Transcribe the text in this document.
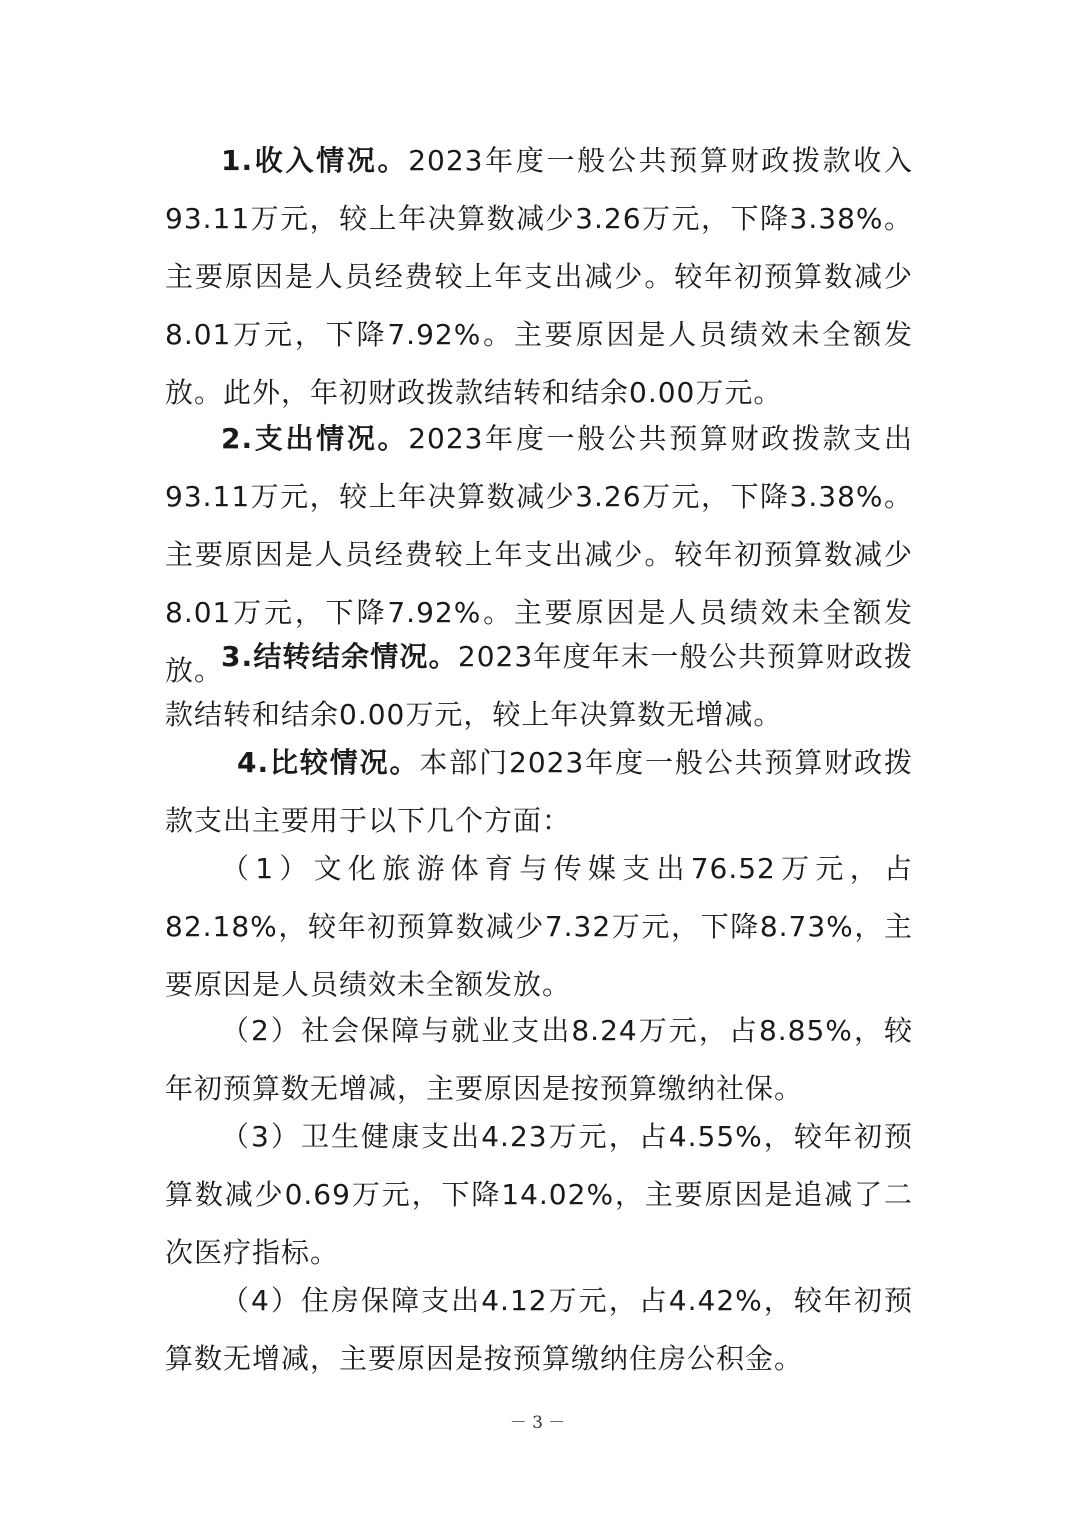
1.收入情况。2023年度一般公共预算财政拨款收入93.11万元，较上年决算数减少3.26万元，下降3.38%。主要原因是人员经费较上年支出减少。较年初预算数减少8.01万元，下降7.92%。主要原因是人员绩效未全额发放。此外，年初财政拨款结转和结余0.00万元。

2.支出情况。2023年度一般公共预算财政拨款支出93.11万元，较上年决算数减少3.26万元，下降3.38%。主要原因是人员经费较上年支出减少。较年初预算数减少8.01万元，下降7.92%。主要原因是人员绩效未全额发放。

3.结转结余情况。2023年度年末一般公共预算财政拨款结转和结余0.00万元，较上年决算数无增减。

4.比较情况。本部门2023年度一般公共预算财政拨款支出主要用于以下几个方面：

（1）文化旅游体育与传媒支出76.52万元，占82.18%，较年初预算数减少7.32万元，下降8.73%，主要原因是人员绩效未全额发放。

（2）社会保障与就业支出8.24万元，占8.85%，较年初预算数无增减，主要原因是按预算缴纳社保。

（3）卫生健康支出4.23万元，占4.55%，较年初预算数减少0.69万元，下降14.02%，主要原因是追减了二次医疗指标。

（4）住房保障支出4.12万元，占4.42%，较年初预算数无增减，主要原因是按预算缴纳住房公积金。

－ 3 －
